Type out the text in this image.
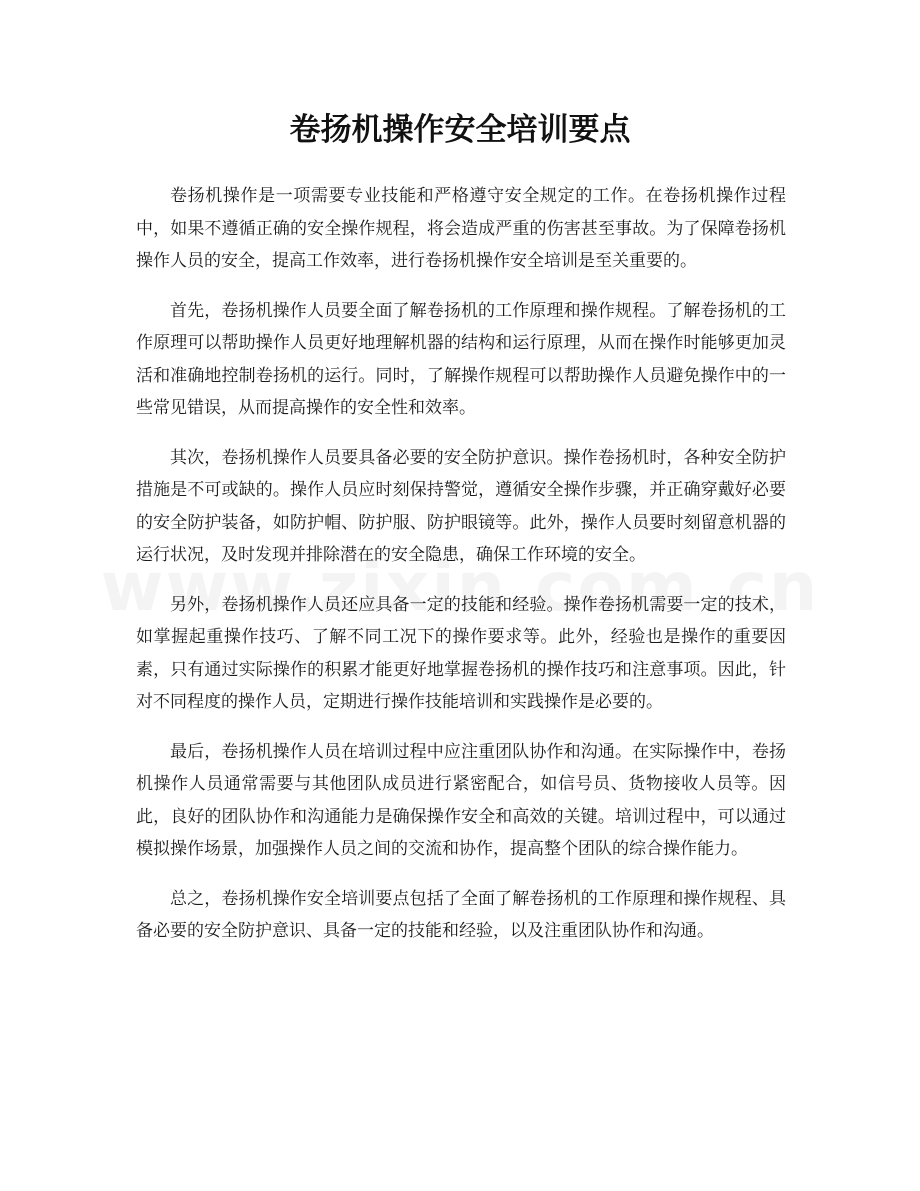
卷扬机操作安全培训要点

卷扬机操作是一项需要专业技能和严格遵守安全规定的工作。在卷扬机操作过程中，如果不遵循正确的安全操作规程，将会造成严重的伤害甚至事故。为了保障卷扬机操作人员的安全，提高工作效率，进行卷扬机操作安全培训是至关重要的。

首先，卷扬机操作人员要全面了解卷扬机的工作原理和操作规程。了解卷扬机的工作原理可以帮助操作人员更好地理解机器的结构和运行原理，从而在操作时能够更加灵活和准确地控制卷扬机的运行。同时，了解操作规程可以帮助操作人员避免操作中的一些常见错误，从而提高操作的安全性和效率。

其次，卷扬机操作人员要具备必要的安全防护意识。操作卷扬机时，各种安全防护措施是不可或缺的。操作人员应时刻保持警觉，遵循安全操作步骤，并正确穿戴好必要的安全防护装备，如防护帽、防护服、防护眼镜等。此外，操作人员要时刻留意机器的运行状况，及时发现并排除潜在的安全隐患，确保工作环境的安全。

另外，卷扬机操作人员还应具备一定的技能和经验。操作卷扬机需要一定的技术，如掌握起重操作技巧、了解不同工况下的操作要求等。此外，经验也是操作的重要因素，只有通过实际操作的积累才能更好地掌握卷扬机的操作技巧和注意事项。因此，针对不同程度的操作人员，定期进行操作技能培训和实践操作是必要的。

最后，卷扬机操作人员在培训过程中应注重团队协作和沟通。在实际操作中，卷扬机操作人员通常需要与其他团队成员进行紧密配合，如信号员、货物接收人员等。因此，良好的团队协作和沟通能力是确保操作安全和高效的关键。培训过程中，可以通过模拟操作场景，加强操作人员之间的交流和协作，提高整个团队的综合操作能力。

总之，卷扬机操作安全培训要点包括了全面了解卷扬机的工作原理和操作规程、具备必要的安全防护意识、具备一定的技能和经验，以及注重团队协作和沟通。
